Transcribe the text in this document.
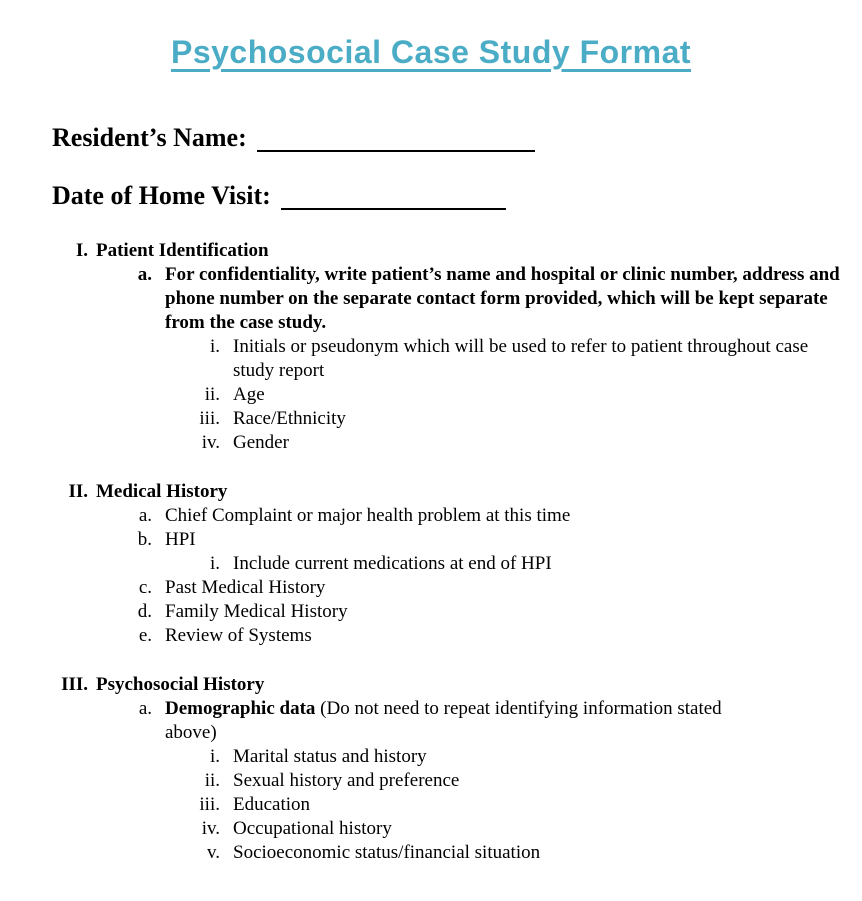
Psychosocial Case Study Format
Resident’s Name:
Date of Home Visit:
I. Patient Identification
a. For confidentiality, write patient’s name and hospital or clinic number, address and phone number on the separate contact form provided, which will be kept separate from the case study.
i. Initials or pseudonym which will be used to refer to patient throughout case study report
ii. Age
iii. Race/Ethnicity
iv. Gender
II. Medical History
a. Chief Complaint or major health problem at this time
b. HPI
i. Include current medications at end of HPI
c. Past Medical History
d. Family Medical History
e. Review of Systems
III. Psychosocial History
a. Demographic data (Do not need to repeat identifying information stated above)
i. Marital status and history
ii. Sexual history and preference
iii. Education
iv. Occupational history
v. Socioeconomic status/financial situation
